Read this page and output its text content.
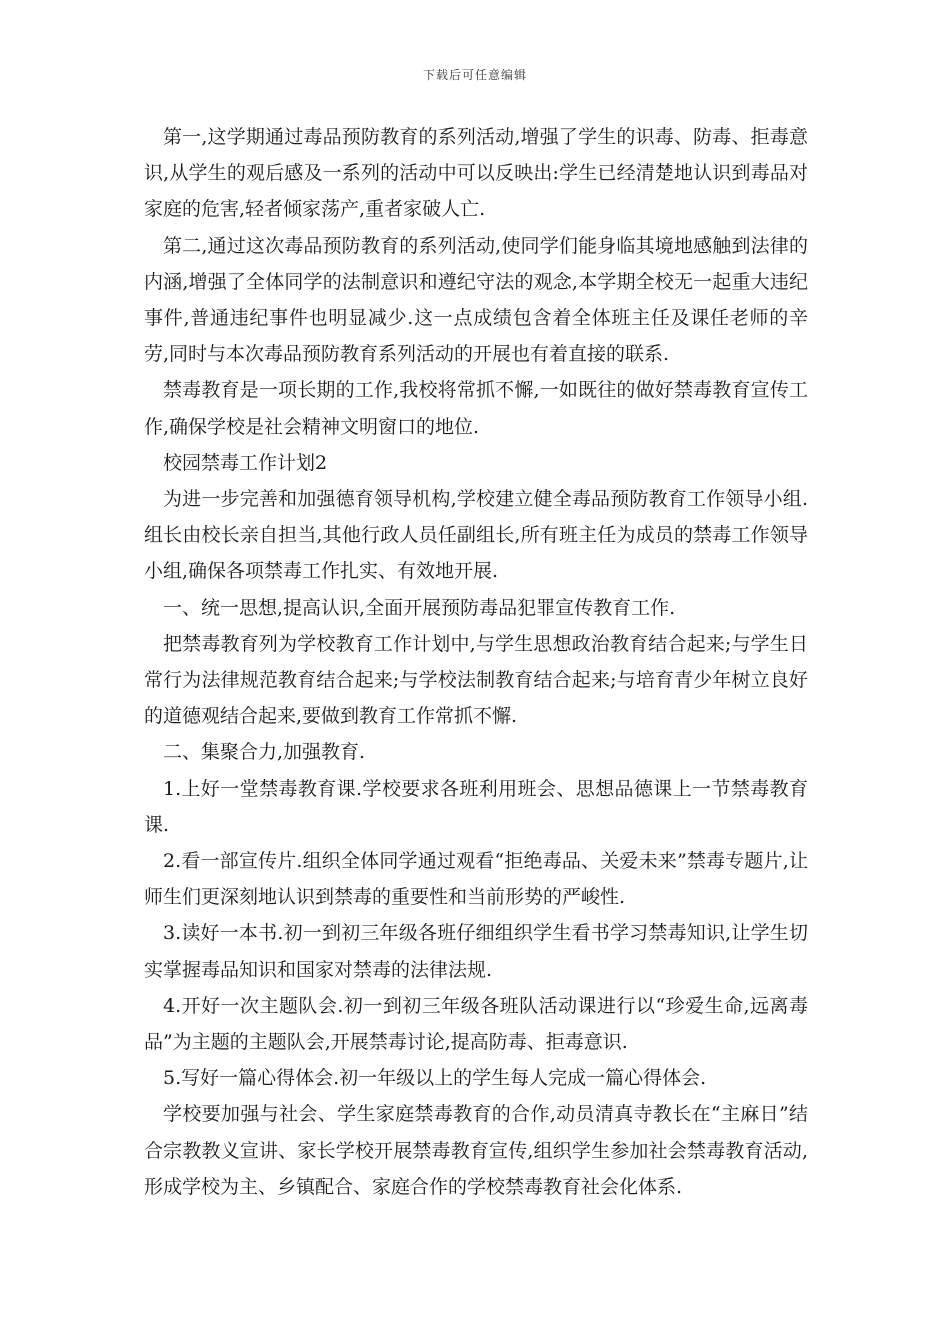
下载后可任意编辑

第一,这学期通过毒品预防教育的系列活动,增强了学生的识毒、防毒、拒毒意识,从学生的观后感及一系列的活动中可以反映出:学生已经清楚地认识到毒品对家庭的危害,轻者倾家荡产,重者家破人亡.

第二,通过这次毒品预防教育的系列活动,使同学们能身临其境地感触到法律的内涵,增强了全体同学的法制意识和遵纪守法的观念,本学期全校无一起重大违纪事件,普通违纪事件也明显减少.这一点成绩包含着全体班主任及课任老师的辛劳,同时与本次毒品预防教育系列活动的开展也有着直接的联系.

禁毒教育是一项长期的工作,我校将常抓不懈,一如既往的做好禁毒教育宣传工作,确保学校是社会精神文明窗口的地位.

校园禁毒工作计划2

为进一步完善和加强德育领导机构,学校建立健全毒品预防教育工作领导小组.组长由校长亲自担当,其他行政人员任副组长,所有班主任为成员的禁毒工作领导小组,确保各项禁毒工作扎实、有效地开展.

一、统一思想,提高认识,全面开展预防毒品犯罪宣传教育工作.

把禁毒教育列为学校教育工作计划中,与学生思想政治教育结合起来;与学生日常行为法律规范教育结合起来;与学校法制教育结合起来;与培育青少年树立良好的道德观结合起来,要做到教育工作常抓不懈.

二、集聚合力,加强教育.

1.上好一堂禁毒教育课.学校要求各班利用班会、思想品德课上一节禁毒教育课.

2.看一部宣传片.组织全体同学通过观看“拒绝毒品、关爱未来”禁毒专题片,让师生们更深刻地认识到禁毒的重要性和当前形势的严峻性.

3.读好一本书.初一到初三年级各班仔细组织学生看书学习禁毒知识,让学生切实掌握毒品知识和国家对禁毒的法律法规.

4.开好一次主题队会.初一到初三年级各班队活动课进行以“珍爱生命,远离毒品”为主题的主题队会,开展禁毒讨论,提高防毒、拒毒意识.

5.写好一篇心得体会.初一年级以上的学生每人完成一篇心得体会.

学校要加强与社会、学生家庭禁毒教育的合作,动员清真寺教长在“主麻日”结合宗教教义宣讲、家长学校开展禁毒教育宣传,组织学生参加社会禁毒教育活动,形成学校为主、乡镇配合、家庭合作的学校禁毒教育社会化体系.
